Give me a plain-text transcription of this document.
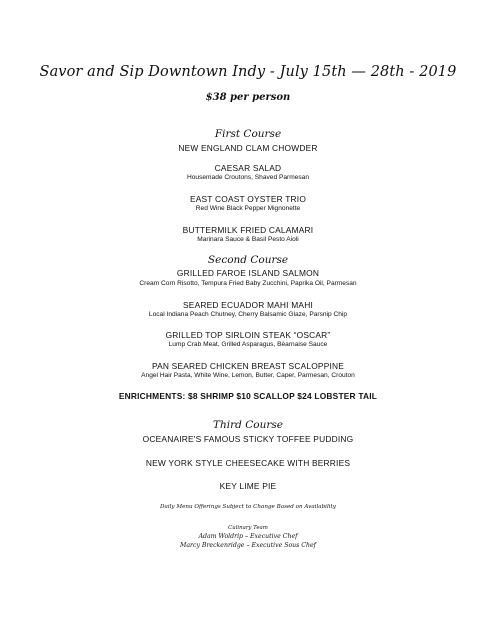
Savor and Sip Downtown Indy - July 15th — 28th - 2019
$38 per person
First Course
NEW ENGLAND CLAM CHOWDER
CAESAR SALAD
Housemade Croutons, Shaved Parmesan
EAST COAST OYSTER TRIO
Red Wine Black Pepper Mignonette
BUTTERMILK FRIED CALAMARI
Marinara Sauce & Basil Pesto Aioli
Second Course
GRILLED FAROE ISLAND SALMON
Cream Corn Risotto, Tempura Fried Baby Zucchini, Paprika Oil, Parmesan
SEARED ECUADOR MAHI MAHI
Local Indiana Peach Chutney, Cherry Balsamic Glaze, Parsnip Chip
GRILLED TOP SIRLOIN STEAK “OSCAR”
Lump Crab Meat, Grilled Asparagus, Béarnaise Sauce
PAN SEARED CHICKEN BREAST SCALOPPINE
Angel Hair Pasta, White Wine, Lemon, Butter, Caper, Parmesan, Crouton
ENRICHMENTS: $8 SHRIMP $10 SCALLOP $24 LOBSTER TAIL
Third Course
OCEANAIRE'S FAMOUS STICKY TOFFEE PUDDING
NEW YORK STYLE CHEESECAKE WITH BERRIES
KEY LIME PIE
Daily Menu Offerings Subject to Change Based on Availability
Culinary Team
Adam Woldrip – Executive Chef
Marcy Breckenridge – Executive Sous Chef
